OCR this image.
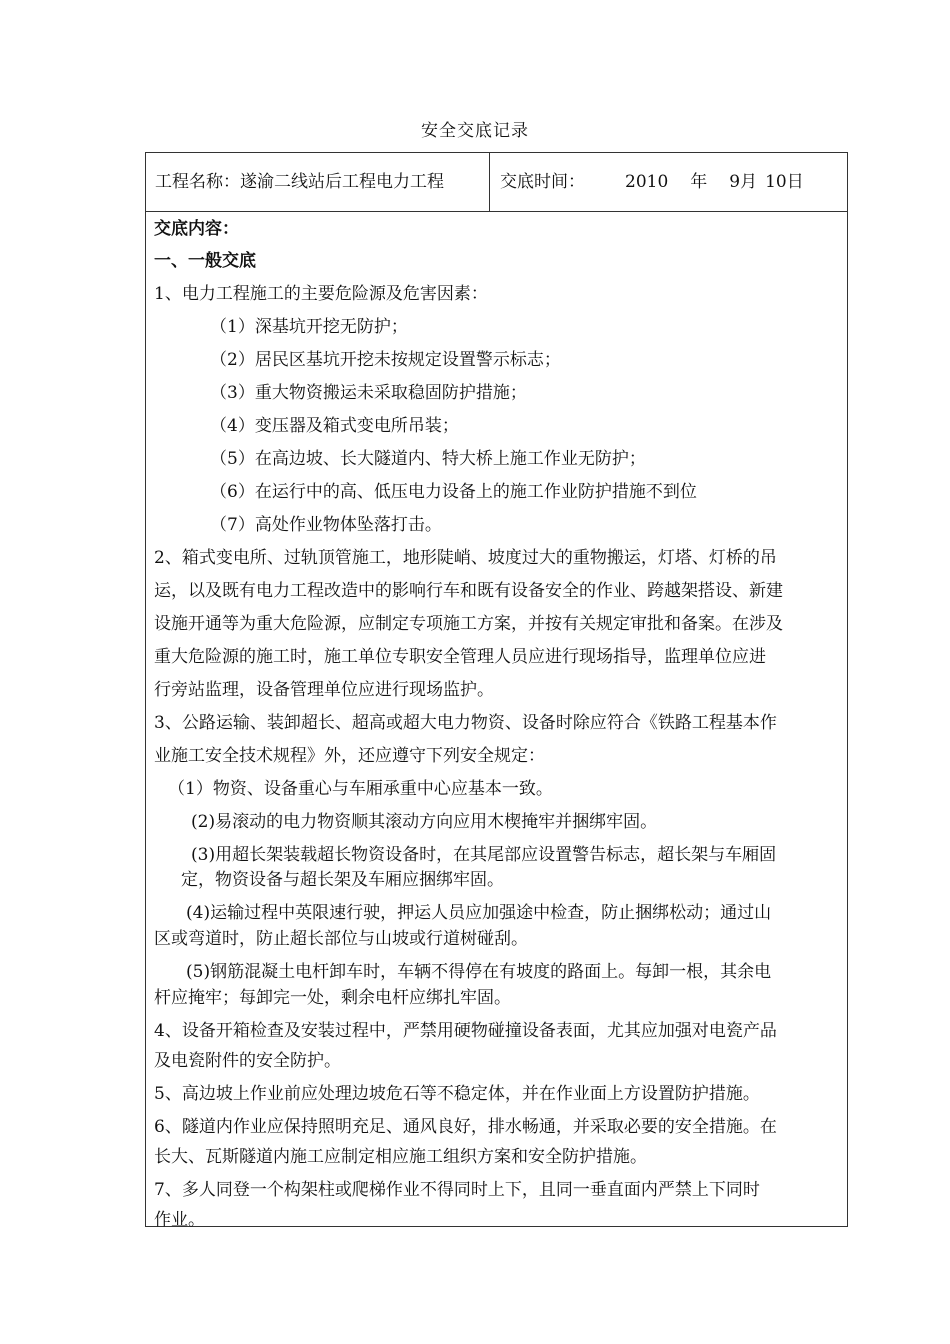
安全交底记录
工程名称：遂渝二线站后工程电力工程	交底时间： 2010 年 9月 10日
交底内容：
一、一般交底
1、电力工程施工的主要危险源及危害因素：
（1）深基坑开挖无防护；
（2）居民区基坑开挖未按规定设置警示标志；
（3）重大物资搬运未采取稳固防护措施；
（4）变压器及箱式变电所吊装；
（5）在高边坡、长大隧道内、特大桥上施工作业无防护；
（6）在运行中的高、低压电力设备上的施工作业防护措施不到位
（7）高处作业物体坠落打击。
2、箱式变电所、过轨顶管施工，地形陡峭、坡度过大的重物搬运，灯塔、灯桥的吊
运，以及既有电力工程改造中的影响行车和既有设备安全的作业、跨越架搭设、新建
设施开通等为重大危险源，应制定专项施工方案，并按有关规定审批和备案。在涉及
重大危险源的施工时，施工单位专职安全管理人员应进行现场指导，监理单位应进
行旁站监理，设备管理单位应进行现场监护。
3、公路运输、装卸超长、超高或超大电力物资、设备时除应符合《铁路工程基本作
业施工安全技术规程》外，还应遵守下列安全规定：
（1）物资、设备重心与车厢承重中心应基本一致。
(2)易滚动的电力物资顺其滚动方向应用木楔掩牢并捆绑牢固。
(3)用超长架装载超长物资设备时，在其尾部应设置警告标志，超长架与车厢固
定，物资设备与超长架及车厢应捆绑牢固。
(4)运输过程中英限速行驶，押运人员应加强途中检查，防止捆绑松动；通过山
区或弯道时，防止超长部位与山坡或行道树碰刮。
(5)钢筋混凝土电杆卸车时，车辆不得停在有坡度的路面上。每卸一根，其余电
杆应掩牢；每卸完一处，剩余电杆应绑扎牢固。
4、设备开箱检查及安装过程中，严禁用硬物碰撞设备表面，尤其应加强对电瓷产品
及电瓷附件的安全防护。
5、高边坡上作业前应处理边坡危石等不稳定体，并在作业面上方设置防护措施。
6、隧道内作业应保持照明充足、通风良好，排水畅通，并采取必要的安全措施。在
长大、瓦斯隧道内施工应制定相应施工组织方案和安全防护措施。
7、多人同登一个构架柱或爬梯作业不得同时上下，且同一垂直面内严禁上下同时
作业。
